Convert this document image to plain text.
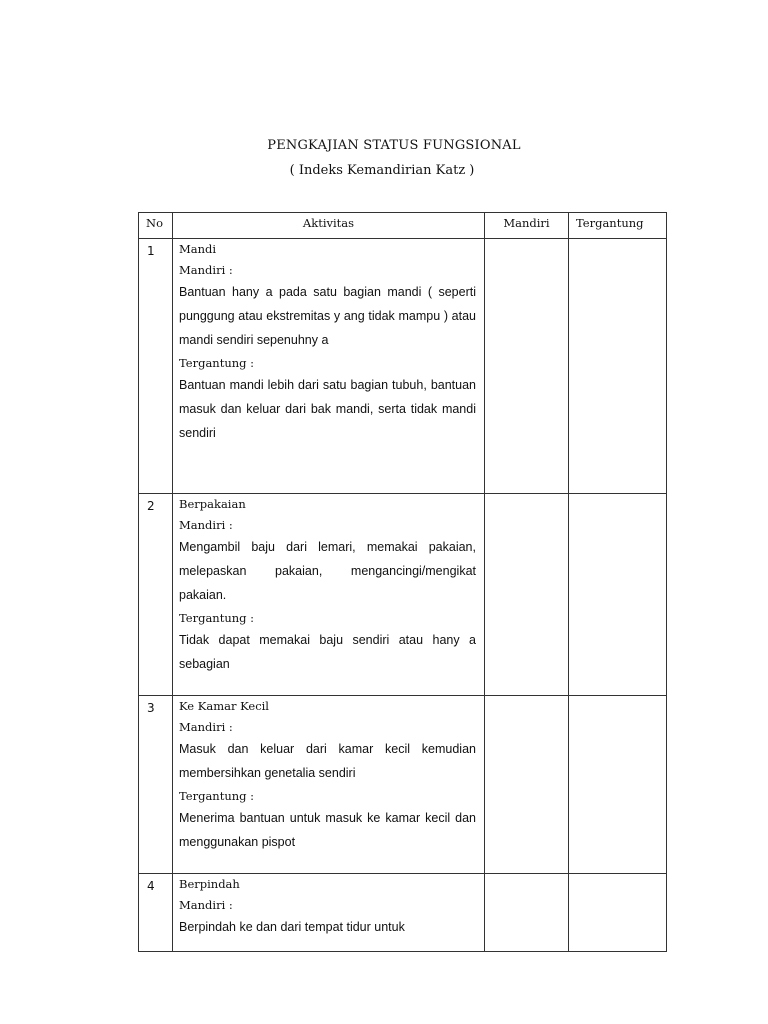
PENGKAJIAN STATUS FUNGSIONAL
( Indeks Kemandirian Katz )
No	Aktivitas	Mandiri	Tergantung
1	Mandi
Mandiri :
Bantuan hany a pada satu bagian mandi ( seperti punggung atau ekstremitas y ang tidak mampu ) atau mandi sendiri sepenuhny a
Tergantung :
Bantuan mandi lebih dari satu bagian tubuh, bantuan masuk dan keluar dari bak mandi, serta tidak mandi sendiri		

2	Berpakaian
Mandiri :
Mengambil baju dari lemari, memakai pakaian, melepaskan pakaian, mengancingi/mengikat pakaian.
Tergantung :
Tidak dapat memakai baju sendiri atau hany a sebagian		

3	Ke Kamar Kecil
Mandiri :
Masuk dan keluar dari kamar kecil kemudian membersihkan genetalia sendiri
Tergantung :
Menerima bantuan untuk masuk ke kamar kecil dan menggunakan pispot		

4	Berpindah
Mandiri :
Berpindah ke dan dari tempat tidur untuk		
